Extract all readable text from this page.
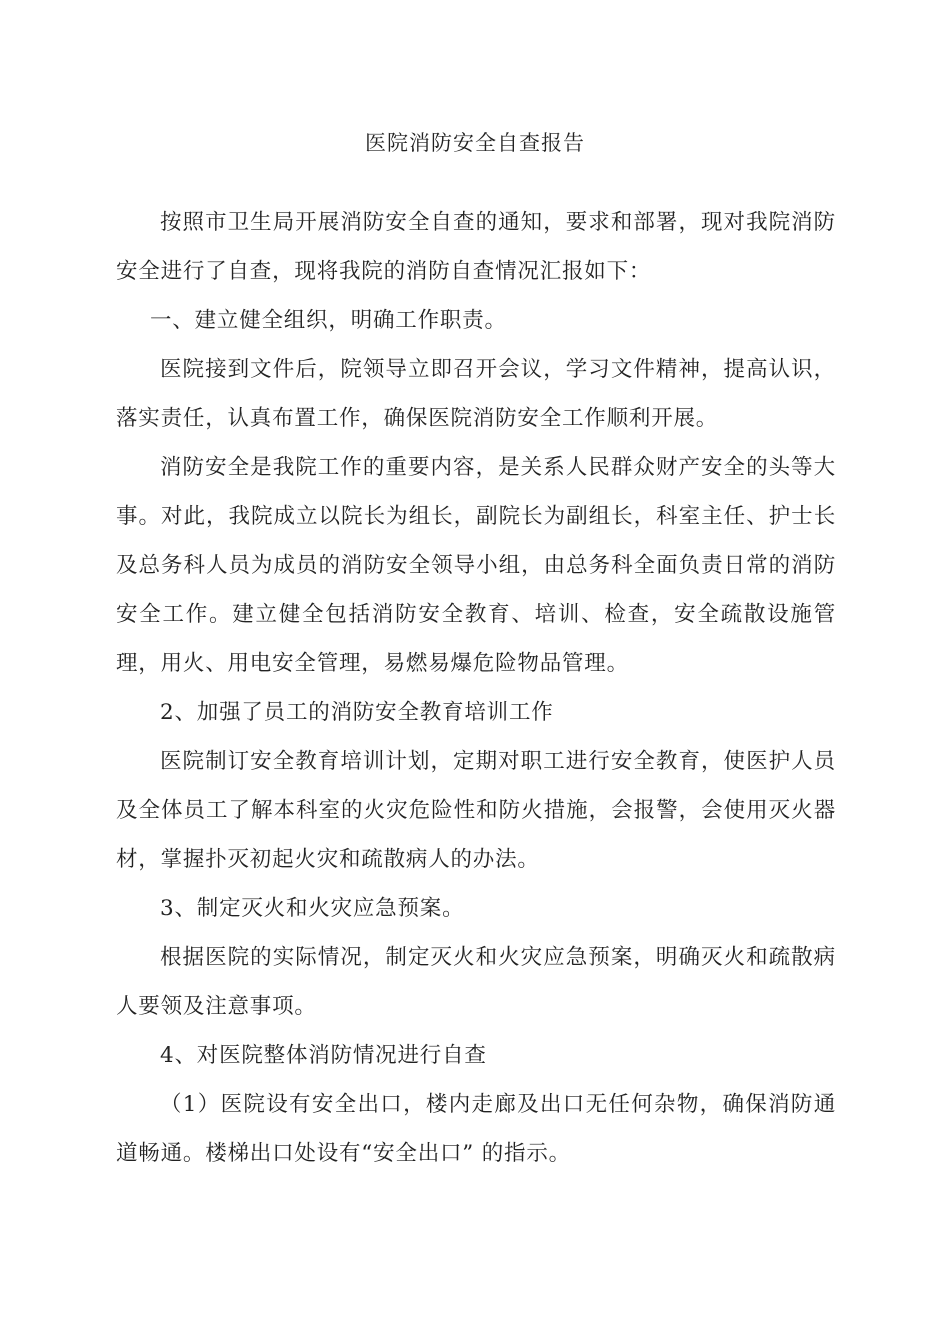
医院消防安全自查报告

按照市卫生局开展消防安全自查的通知，要求和部署，现对我院消防安全进行了自查，现将我院的消防自查情况汇报如下：

一、建立健全组织，明确工作职责。

医院接到文件后，院领导立即召开会议，学习文件精神，提高认识，落实责任，认真布置工作，确保医院消防安全工作顺利开展。

消防安全是我院工作的重要内容，是关系人民群众财产安全的头等大事。对此，我院成立以院长为组长，副院长为副组长，科室主任、护士长及总务科人员为成员的消防安全领导小组，由总务科全面负责日常的消防安全工作。建立健全包括消防安全教育、培训、检查，安全疏散设施管理，用火、用电安全管理，易燃易爆危险物品管理。

2、加强了员工的消防安全教育培训工作

医院制订安全教育培训计划，定期对职工进行安全教育，使医护人员及全体员工了解本科室的火灾危险性和防火措施，会报警，会使用灭火器材，掌握扑灭初起火灾和疏散病人的办法。

3、制定灭火和火灾应急预案。

根据医院的实际情况，制定灭火和火灾应急预案，明确灭火和疏散病人要领及注意事项。

4、对医院整体消防情况进行自查

（1）医院设有安全出口，楼内走廊及出口无任何杂物，确保消防通道畅通。楼梯出口处设有“安全出口” 的指示。
